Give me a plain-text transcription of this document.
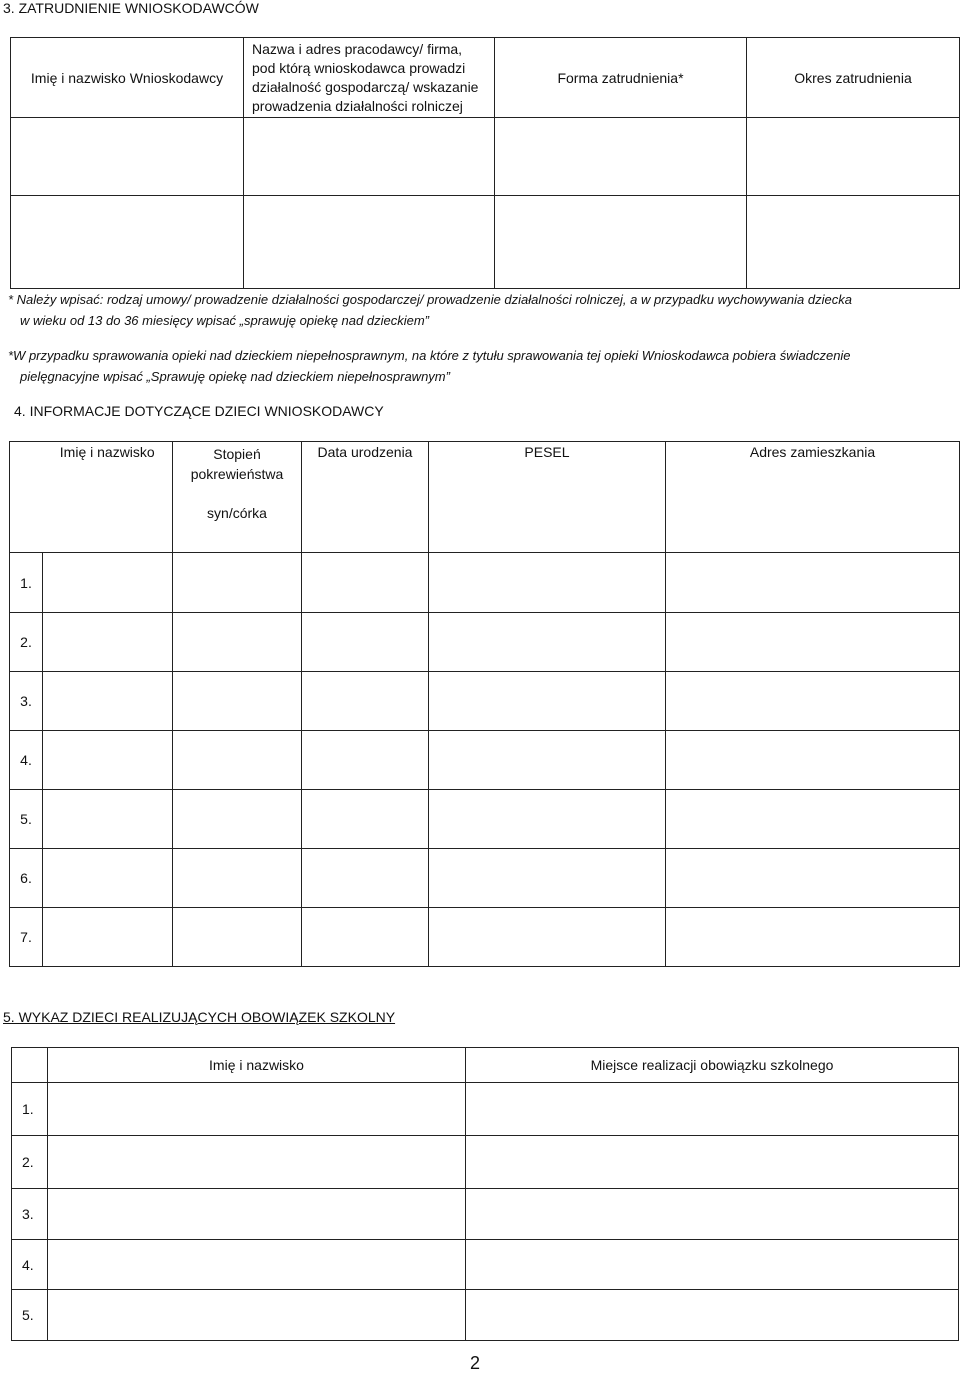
3. ZATRUDNIENIE WNIOSKODAWCÓW
Imię i nazwisko Wnioskodawcy	Nazwa i adres pracodawcy/ firma,
pod którą wnioskodawca prowadzi
działalność gospodarczą/ wskazanie
prowadzenia działalności rolniczej	Forma zatrudnienia*	Okres zatrudnienia

* Należy wpisać: rodzaj umowy/ prowadzenie działalności gospodarczej/ prowadzenie działalności rolniczej, a w przypadku wychowywania dziecka
w wieku od 13 do 36 miesięcy wpisać „sprawuję opiekę nad dzieckiem”
*W przypadku sprawowania opieki nad dzieckiem niepełnosprawnym, na które z tytułu sprawowania tej opieki Wnioskodawca pobiera świadczenie
pielęgnacyjne wpisać „Sprawuję opiekę nad dzieckiem niepełnosprawnym”
4. INFORMACJE DOTYCZĄCE DZIECI WNIOSKODAWCY
	Imię i nazwisko	Stopień
pokrewieństwa
syn/córka	Data urodzenia	PESEL	Adres zamieszkania
1.					
2.					
3.					
4.					
5.					
6.					
7.					
5. WYKAZ DZIECI REALIZUJĄCYCH OBOWIĄZEK SZKOLNY
	Imię i nazwisko	Miejsce realizacji obowiązku szkolnego
1.		
2.		
3.		
4.		
5.		
2
